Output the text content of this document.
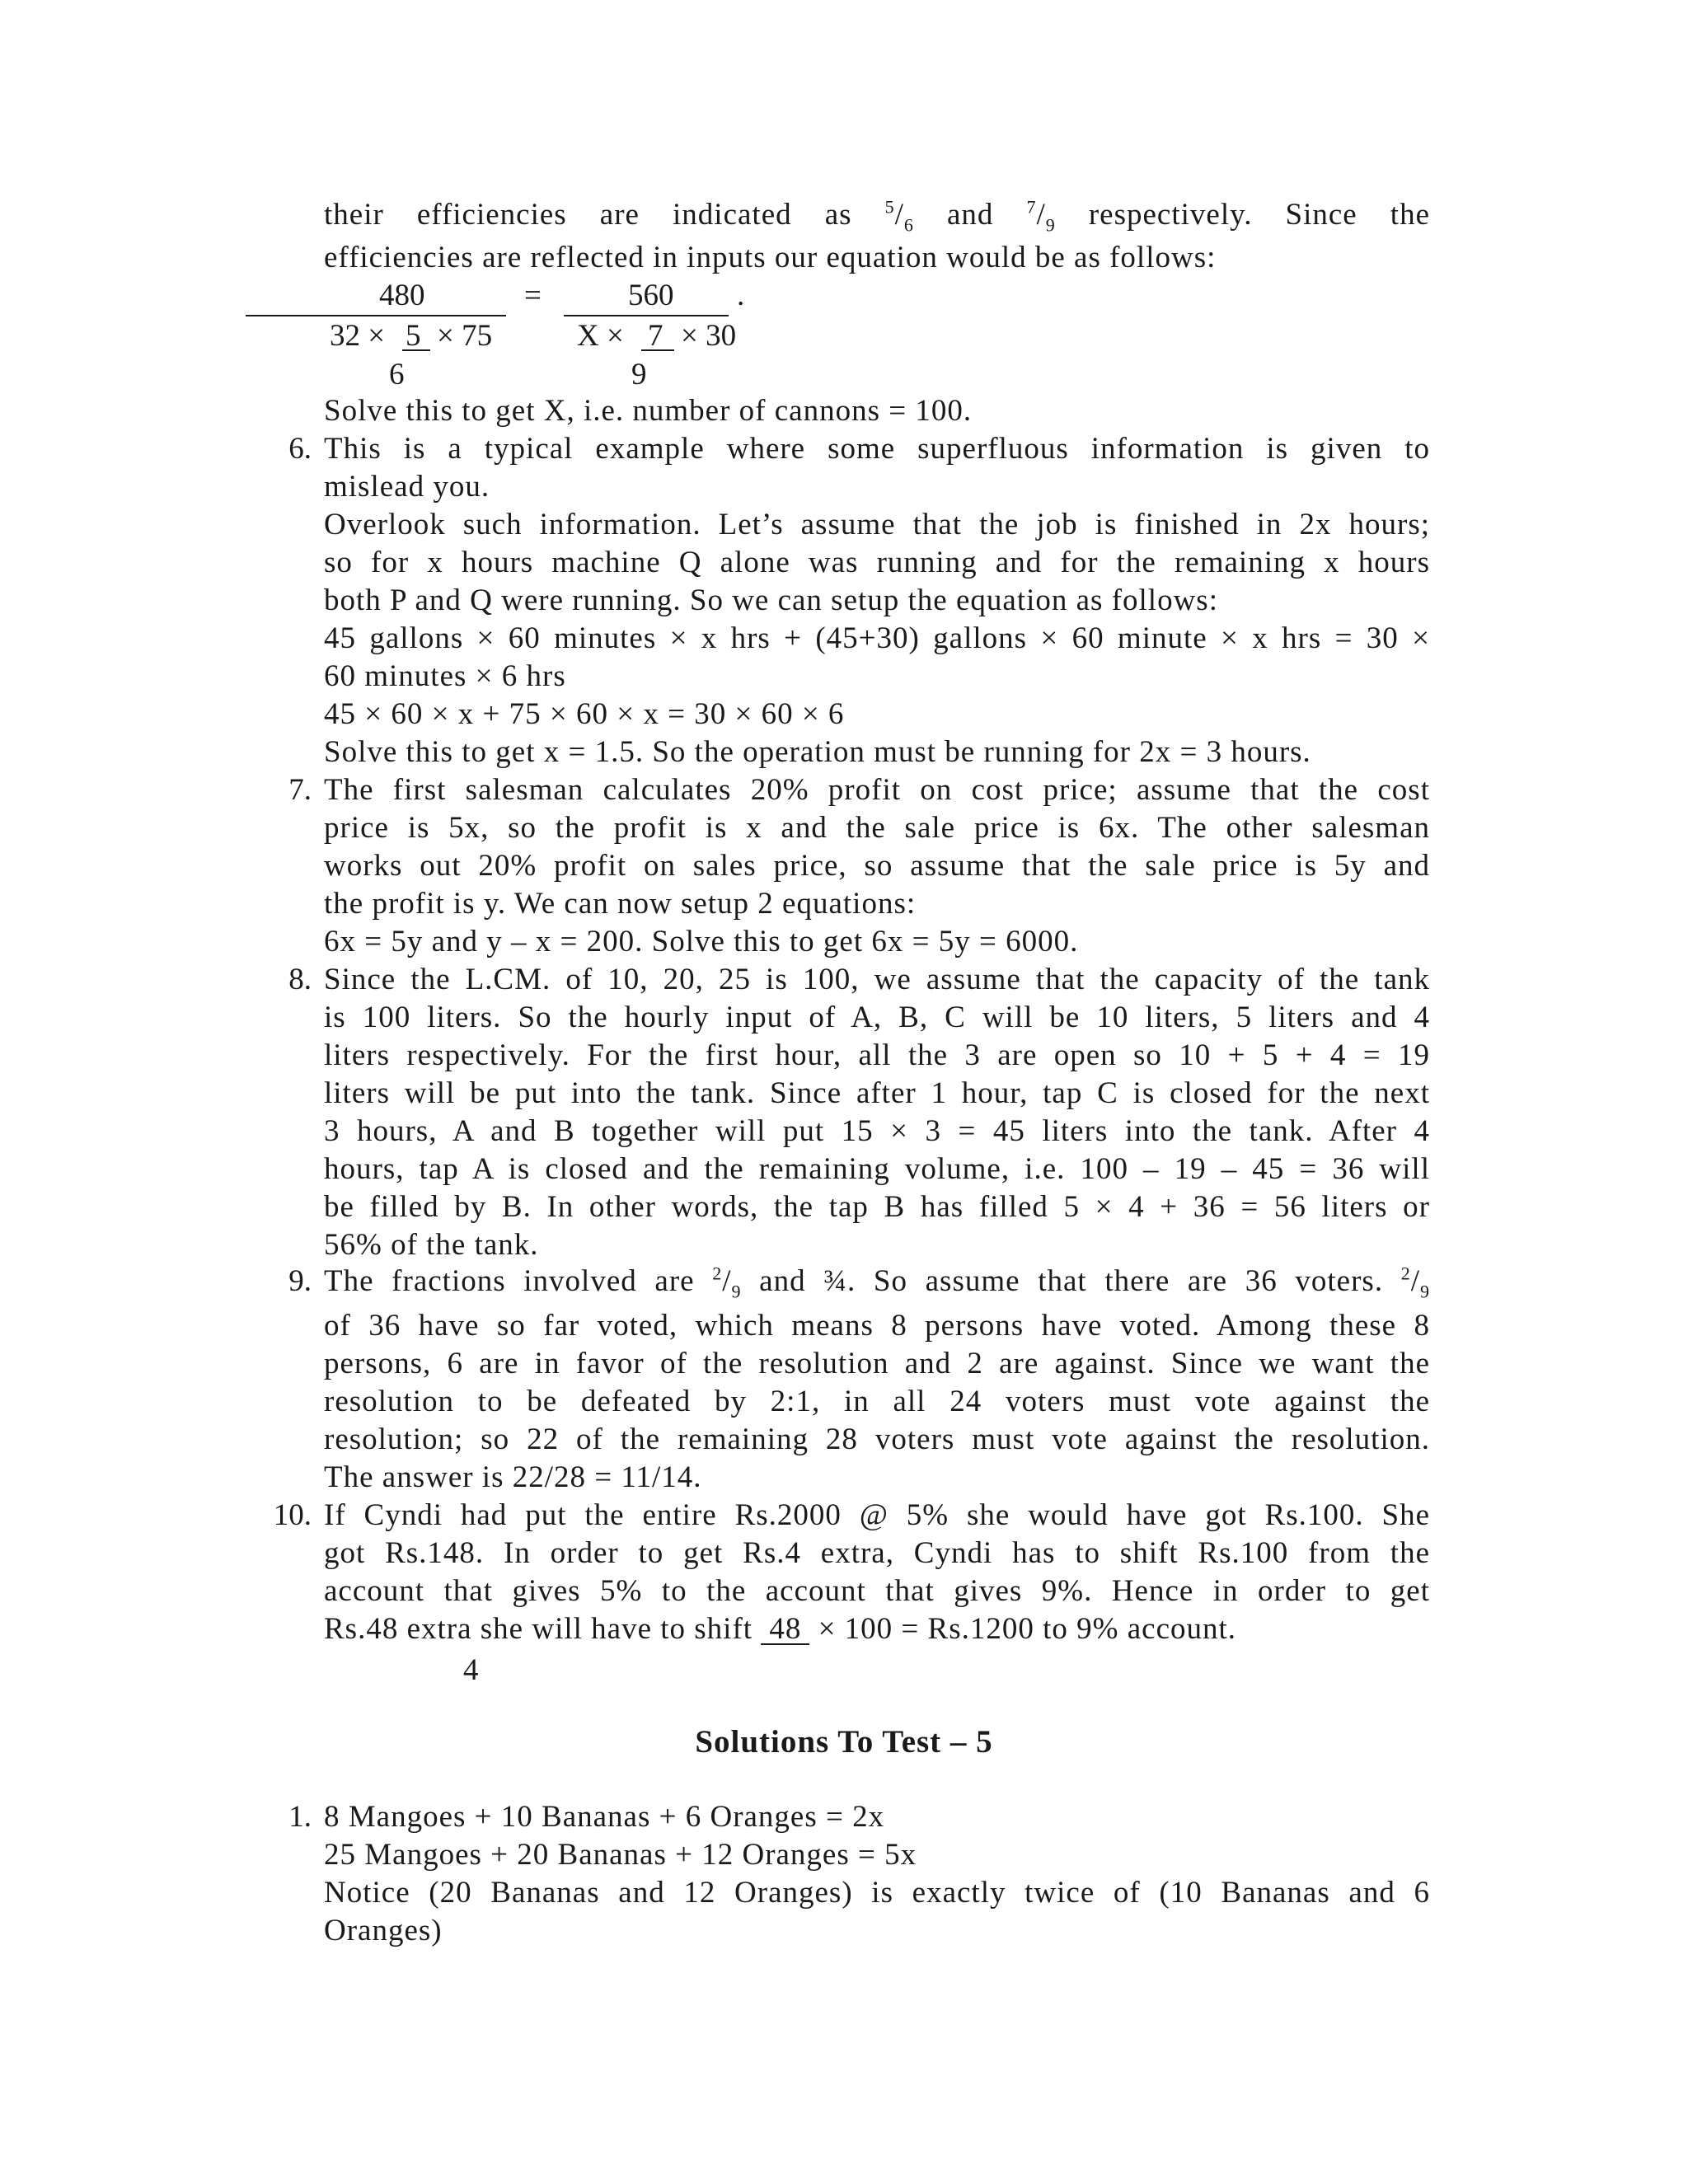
their efficiencies are indicated as $^5/_6$ and $^7/_9$ respectively. Since the
efficiencies are reflected in inputs our equation would be as follows:
480	=	560 .
32 × 5 × 75
6
X × 7 × 30
9
Solve this to get X, i.e. number of cannons = 100.
6. This is a typical example where some superfluous information is given to
mislead you.
Overlook such information. Let’s assume that the job is finished in 2x hours;
so for x hours machine Q alone was running and for the remaining x hours
both P and Q were running. So we can setup the equation as follows:
45 gallons × 60 minutes × x hrs + (45+30) gallons × 60 minute × x hrs = 30 ×
60 minutes × 6 hrs
45 × 60 × x + 75 × 60 × x = 30 × 60 × 6
Solve this to get x = 1.5. So the operation must be running for 2x = 3 hours.
7. The first salesman calculates 20% profit on cost price; assume that the cost
price is 5x, so the profit is x and the sale price is 6x. The other salesman
works out 20% profit on sales price, so assume that the sale price is 5y and
the profit is y. We can now setup 2 equations:
6x = 5y and y – x = 200. Solve this to get 6x = 5y = 6000.
8. Since the L.CM. of 10, 20, 25 is 100, we assume that the capacity of the tank
is 100 liters. So the hourly input of A, B, C will be 10 liters, 5 liters and 4
liters respectively. For the first hour, all the 3 are open so 10 + 5 + 4 = 19
liters will be put into the tank. Since after 1 hour, tap C is closed for the next
3 hours, A and B together will put 15 × 3 = 45 liters into the tank. After 4
hours, tap A is closed and the remaining volume, i.e. 100 – 19 – 45 = 36 will
be filled by B. In other words, the tap B has filled 5 × 4 + 36 = 56 liters or
56% of the tank.
9. The fractions involved are $^2/_9$ and ¾. So assume that there are 36 voters. $^2/_9$
of 36 have so far voted, which means 8 persons have voted. Among these 8
persons, 6 are in favor of the resolution and 2 are against. Since we want the
resolution to be defeated by 2:1, in all 24 voters must vote against the
resolution; so 22 of the remaining 28 voters must vote against the resolution.
The answer is 22/28 = 11/14.
10. If Cyndi had put the entire Rs.2000 @ 5% she would have got Rs.100. She
got Rs.148. In order to get Rs.4 extra, Cyndi has to shift Rs.100 from the
account that gives 5% to the account that gives 9%. Hence in order to get
Rs.48 extra she will have to shift 48 × 100 = Rs.1200 to 9% account.
4
Solutions To Test – 5
1. 8 Mangoes + 10 Bananas + 6 Oranges = 2x
25 Mangoes + 20 Bananas + 12 Oranges = 5x
Notice (20 Bananas and 12 Oranges) is exactly twice of (10 Bananas and 6
Oranges)
